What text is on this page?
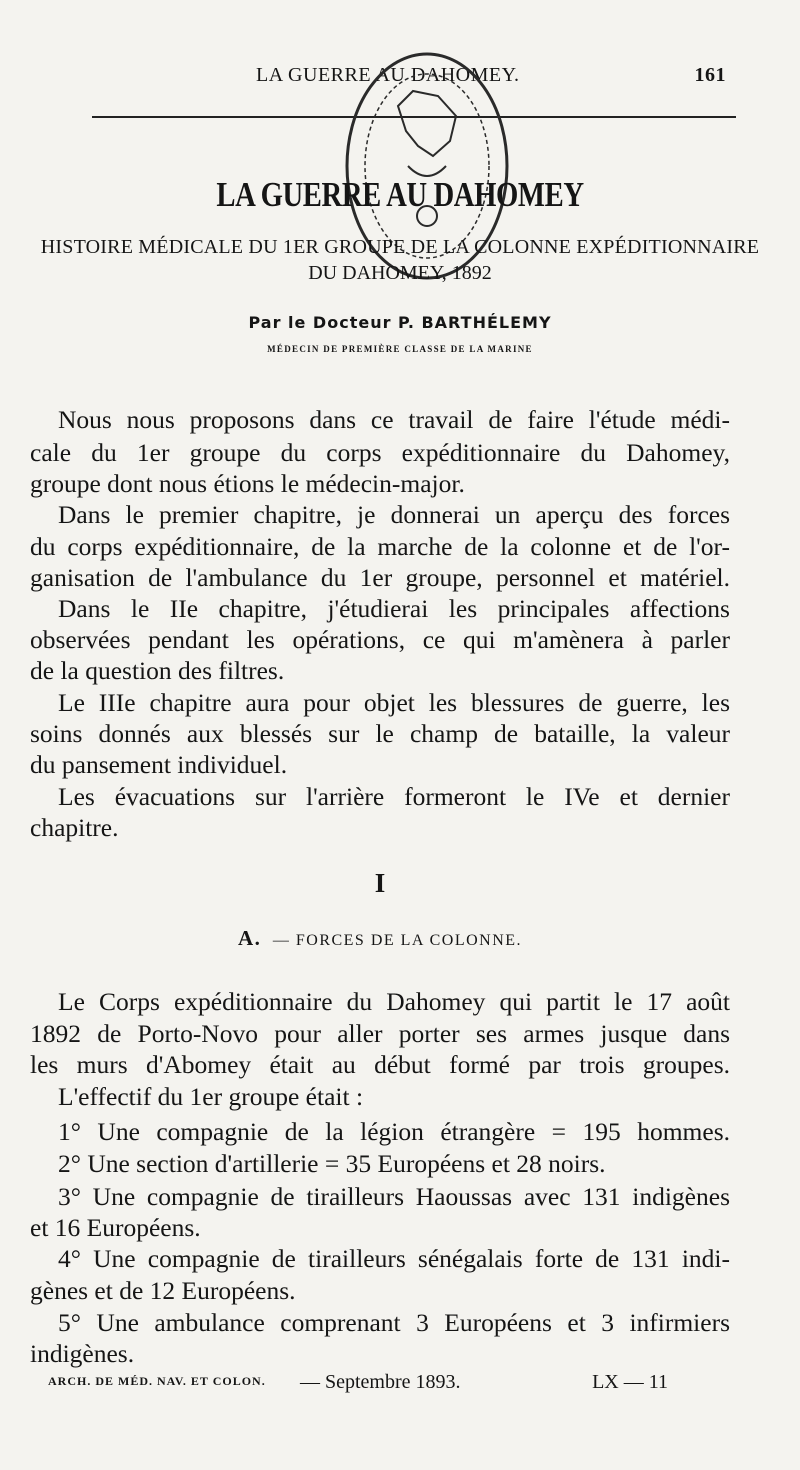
LA GUERRE AU DAHOMEY.	161
LA GUERRE AU DAHOMEY
HISTOIRE MÉDICALE DU 1ER GROUPE DE LA COLONNE EXPÉDITIONNAIRE
DU DAHOMEY, 1892
Par le Docteur P. BARTHÉLEMY
MÉDECIN DE PREMIÈRE CLASSE DE LA MARINE
Nous nous proposons dans ce travail de faire l'étude médi-
cale du 1er groupe du corps expéditionnaire du Dahomey,
groupe dont nous étions le médecin-major.
Dans le premier chapitre, je donnerai un aperçu des forces
du corps expéditionnaire, de la marche de la colonne et de l'or-
ganisation de l'ambulance du 1er groupe, personnel et matériel.
Dans le IIe chapitre, j'étudierai les principales affections
observées pendant les opérations, ce qui m'amènera à parler
de la question des filtres.
Le IIIe chapitre aura pour objet les blessures de guerre, les
soins donnés aux blessés sur le champ de bataille, la valeur
du pansement individuel.
Les évacuations sur l'arrière formeront le IVe et dernier
chapitre.
I
A. — FORCES DE LA COLONNE.
Le Corps expéditionnaire du Dahomey qui partit le 17 août
1892 de Porto-Novo pour aller porter ses armes jusque dans
les murs d'Abomey était au début formé par trois groupes.
L'effectif du 1er groupe était :
1° Une compagnie de la légion étrangère = 195 hommes.
2° Une section d'artillerie = 35 Européens et 28 noirs.
3° Une compagnie de tirailleurs Haoussas avec 131 indigènes
et 16 Européens.
4° Une compagnie de tirailleurs sénégalais forte de 131 indi-
gènes et de 12 Européens.
5° Une ambulance comprenant 3 Européens et 3 infirmiers
indigènes.
ARCH. DE MÉD. NAV. ET COLON. — Septembre 1893.	LX — 11
